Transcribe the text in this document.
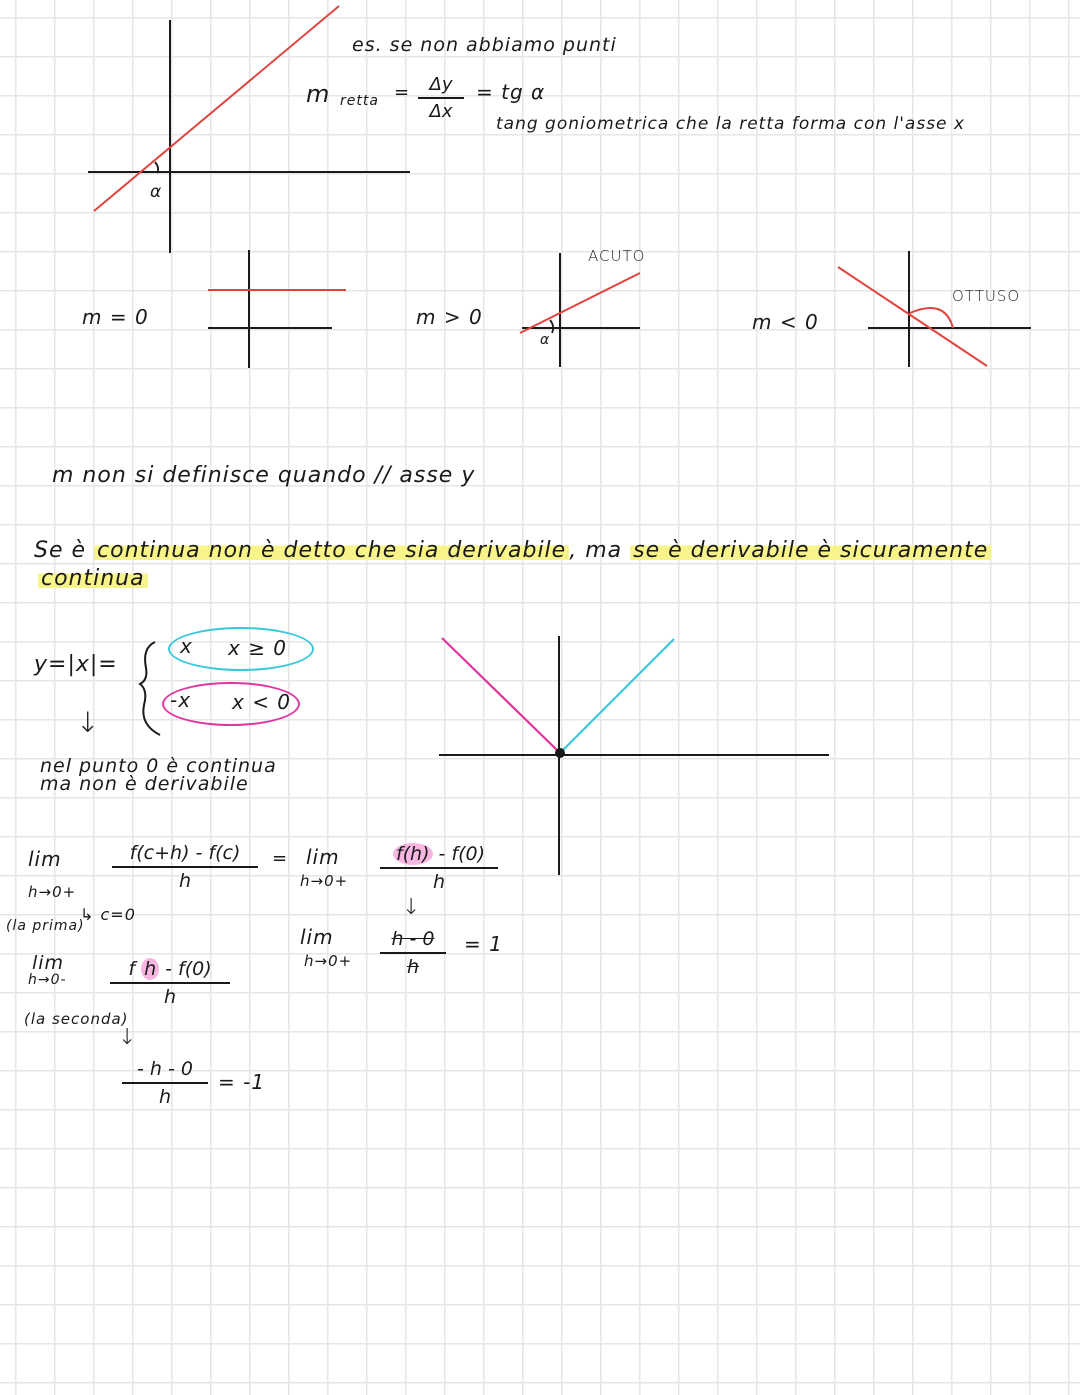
α
es. se non abbiamo punti
m retta =	Δy
Δx
= tg α
tang goniometrica che la retta forma con l'asse x
m = 0	m > 0
ACUTO
α
m < 0
OTTUSO
m non si definisce quando // asse y
Se è continua non è detto che sia derivabile , ma se è derivabile è sicuramente
continua
y=|x|=
x x ≥ 0
-x x < 0
↓
nel punto 0 è continua
ma non è derivabile
lim
h→0+
f(c+h) - f(c)
h
=
↳ c=0
(la prima)
lim
h→0+
f(h) - f(0)
h
↓
lim
h→0+
h - 0
h
= 1
lim
h→0-	f h - f(0)
h
(la seconda)
↓
- h - 0
h
= -1
